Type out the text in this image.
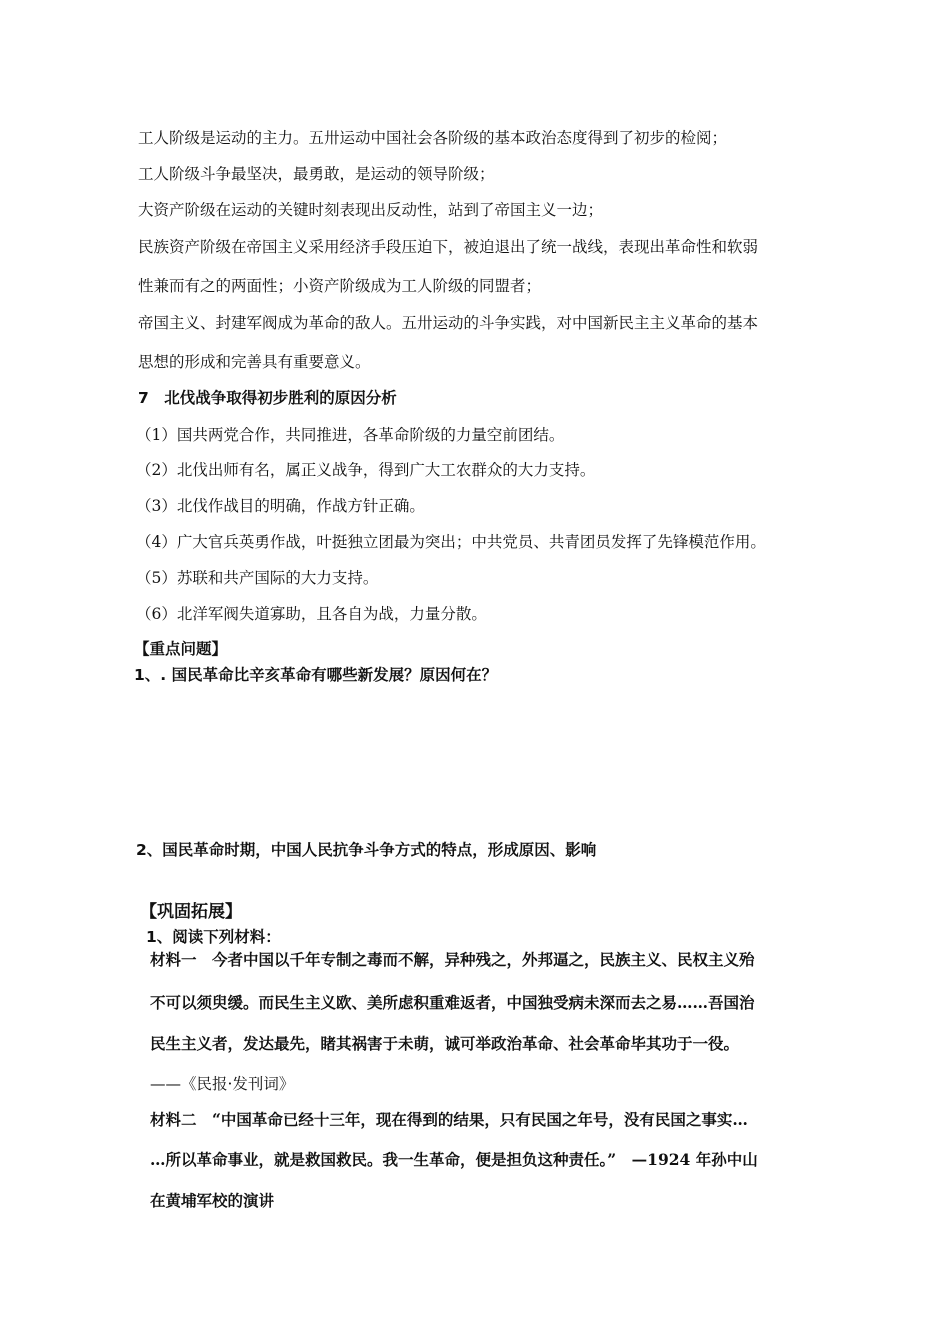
工人阶级是运动的主力。五卅运动中国社会各阶级的基本政治态度得到了初步的检阅；

工人阶级斗争最坚决，最勇敢，是运动的领导阶级；

大资产阶级在运动的关键时刻表现出反动性，站到了帝国主义一边；

民族资产阶级在帝国主义采用经济手段压迫下，被迫退出了统一战线，表现出革命性和软弱

性兼而有之的两面性；小资产阶级成为工人阶级的同盟者；

帝国主义、封建军阀成为革命的敌人。五卅运动的斗争实践，对中国新民主主义革命的基本

思想的形成和完善具有重要意义。

7　北伐战争取得初步胜利的原因分析

（1）国共两党合作，共同推进，各革命阶级的力量空前团结。

（2）北伐出师有名，属正义战争，得到广大工农群众的大力支持。

（3）北伐作战目的明确，作战方针正确。

（4）广大官兵英勇作战，叶挺独立团最为突出；中共党员、共青团员发挥了先锋模范作用。

（5）苏联和共产国际的大力支持。

（6）北洋军阀失道寡助，且各自为战，力量分散。

【重点问题】

1、. 国民革命比辛亥革命有哪些新发展？原因何在？

2、国民革命时期，中国人民抗争斗争方式的特点，形成原因、影响

【巩固拓展】

1、阅读下列材料：

材料一　今者中国以千年专制之毒而不解，异种残之，外邦逼之，民族主义、民权主义殆

不可以须臾缓。而民生主义欧、美所虑积重难返者，中国独受病未深而去之易……吾国治

民生主义者，发达最先，睹其祸害于未萌，诚可举政治革命、社会革命毕其功于一役。

——《民报·发刊词》

材料二　“中国革命已经十三年，现在得到的结果，只有民国之年号，没有民国之事实…

…所以革命事业，就是救国救民。我一生革命，便是担负这种责任。”　—1924 年孙中山

在黄埔军校的演讲
